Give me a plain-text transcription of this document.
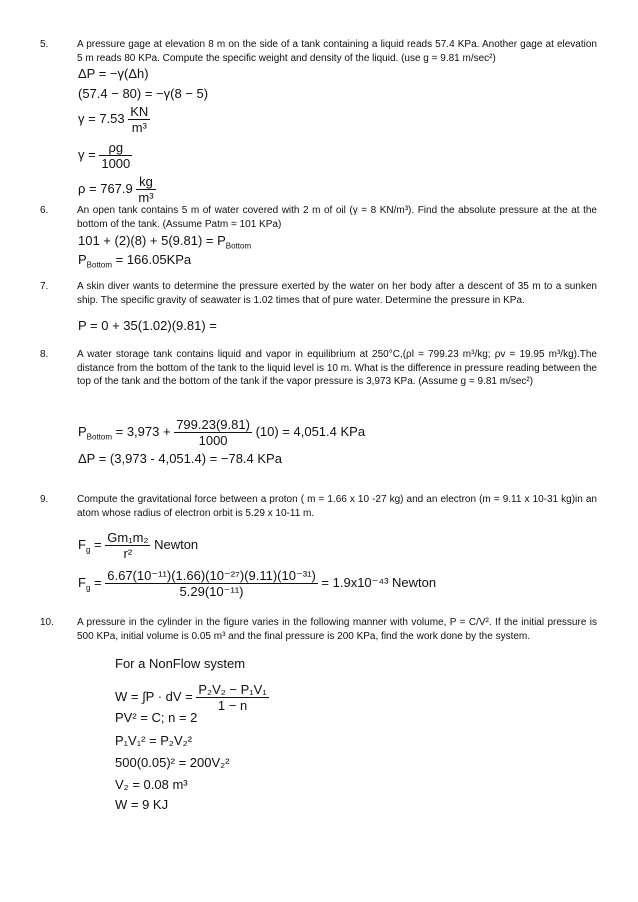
5.	A pressure gage at elevation 8 m on the side of a tank containing a liquid reads 57.4 KPa. Another gage at elevation 5 m reads 80 KPa. Compute the specific weight and density of the liquid. (use g = 9.81 m/sec²)
ΔP = −γ(Δh)
(57.4 − 80) = −γ(8 − 5)
$\gamma = 7.53 \frac{KN}{\text{m³}}$
$\gamma = \frac{\rho g}{1000}$
$\rho = 767.9 \frac{kg}{\text{m³}}$
6.	An open tank contains 5 m of water covered with 2 m of oil (γ = 8 KN/m³). Find the absolute pressure at the at the bottom of the tank. (Assume Patm = 101 KPa)
$101 + (2)(8) + 5(9.81) = P_{Bottom}$
$P_{Bottom} = 166.05KPa$
7.	A skin diver wants to determine the pressure exerted by the water on her body after a descent of 35 m to a sunken ship. The specific gravity of seawater is 1.02 times that of pure water. Determine the pressure in KPa.
P = 0 + 35(1.02)(9.81) =
8.	A water storage tank contains liquid and vapor in equilibrium at 250°C,(ρl = 799.23 m³/kg; ρv = 19.95 m³/kg).The distance from the bottom of the tank to the liquid level is 10 m. What is the difference in pressure reading between the top of the tank and the bottom of the tank if the vapor pressure is 3,973 KPa. (Assume g = 9.81 m/sec²)
$P_{Bottom} = 3,973 + \frac{799.23(9.81)}{1000} (10) = 4,051.4$ KPa
ΔP = (3,973 - 4,051.4) = −78.4 KPa
9.	Compute the gravitational force between a proton ( m = 1.66 x 10 -27 kg) and an electron (m = 9.11 x 10-31 kg)in an atom whose radius of electron orbit is 5.29 x 10-11 m.
$F_g = \frac{\text{Gm₁m₂}}{\text{r²}}$ Newton
$F_g = \frac{\text{6.67(10⁻¹¹)(1.66)(10⁻²⁷)(9.11)(10⁻³¹)}}{\text{5.29(10⁻¹¹)}} = 1.9x10^{-43}$ Newton
10.	A pressure in the cylinder in the figure varies in the following manner with volume, P = C/V². If the initial pressure is 500 KPa, initial volume is 0.05 m³ and the final pressure is 200 KPa, find the work done by the system.
For a NonFlow system
W = ∫P · dV = $\frac{\text{P₂V₂ − P₁V₁}}{1 - n}$
PV² = C; n = 2
P₁V₁² = P₂V₂²
500(0.05)² = 200V₂²
V₂ = 0.08 m³
W = 9 KJ
